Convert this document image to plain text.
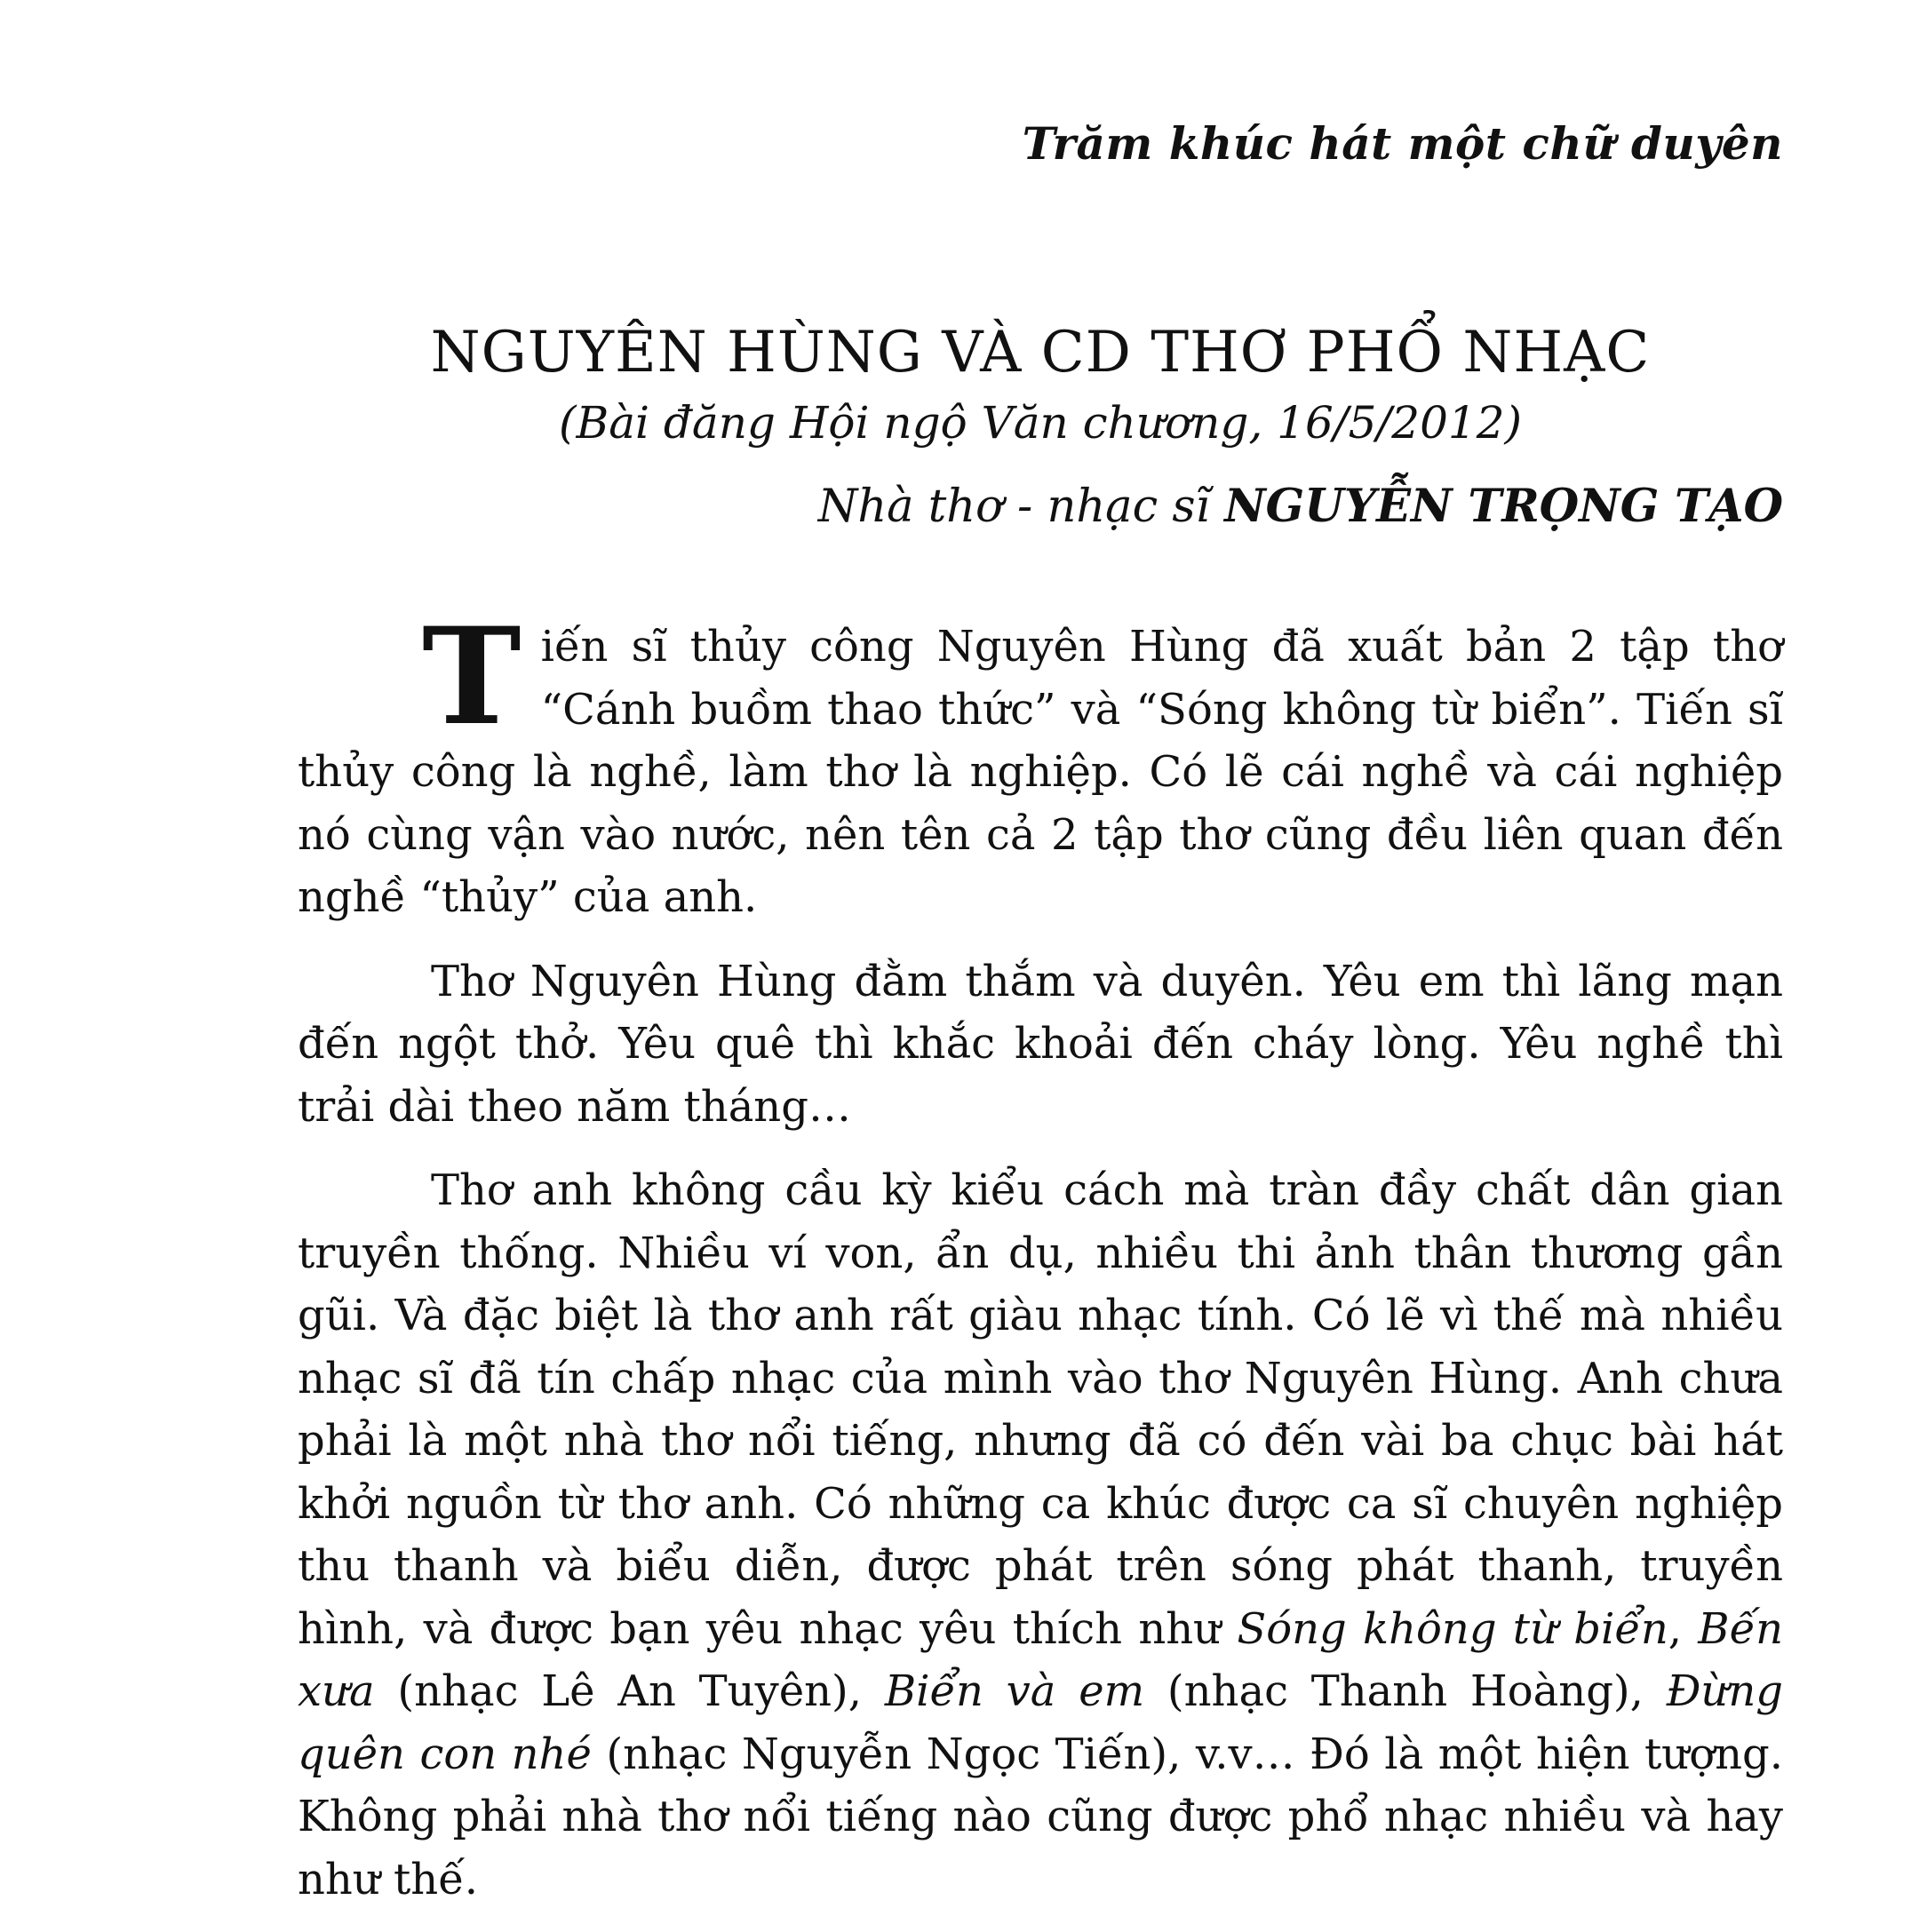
Trăm khúc hát một chữ duyên
NGUYÊN HÙNG VÀ CD THƠ PHỔ NHẠC
(Bài đăng Hội ngộ Văn chương, 16/5/2012)
Nhà thơ - nhạc sĩ NGUYỄN TRỌNG TẠO

Tiến sĩ thủy công Nguyên Hùng đã xuất bản 2 tập thơ “Cánh buồm thao thức” và “Sóng không từ biển”. Tiến sĩ thủy công là nghề, làm thơ là nghiệp. Có lẽ cái nghề và cái nghiệp nó cùng vận vào nước, nên tên cả 2 tập thơ cũng đều liên quan đến nghề “thủy” của anh.

Thơ Nguyên Hùng đằm thắm và duyên. Yêu em thì lãng mạn đến ngột thở. Yêu quê thì khắc khoải đến cháy lòng. Yêu nghề thì trải dài theo năm tháng…

Thơ anh không cầu kỳ kiểu cách mà tràn đầy chất dân gian truyền thống. Nhiều ví von, ẩn dụ, nhiều thi ảnh thân thương gần gũi. Và đặc biệt là thơ anh rất giàu nhạc tính. Có lẽ vì thế mà nhiều nhạc sĩ đã tín chấp nhạc của mình vào thơ Nguyên Hùng. Anh chưa phải là một nhà thơ nổi tiếng, nhưng đã có đến vài ba chục bài hát khởi nguồn từ thơ anh. Có những ca khúc được ca sĩ chuyên nghiệp thu thanh và biểu diễn, được phát trên sóng phát thanh, truyền hình, và được bạn yêu nhạc yêu thích như Sóng không từ biển, Bến xưa (nhạc Lê An Tuyên), Biển và em (nhạc Thanh Hoàng), Đừng quên con nhé (nhạc Nguyễn Ngọc Tiến), v.v… Đó là một hiện tượng. Không phải nhà thơ nổi tiếng nào cũng được phổ nhạc nhiều và hay như thế.
